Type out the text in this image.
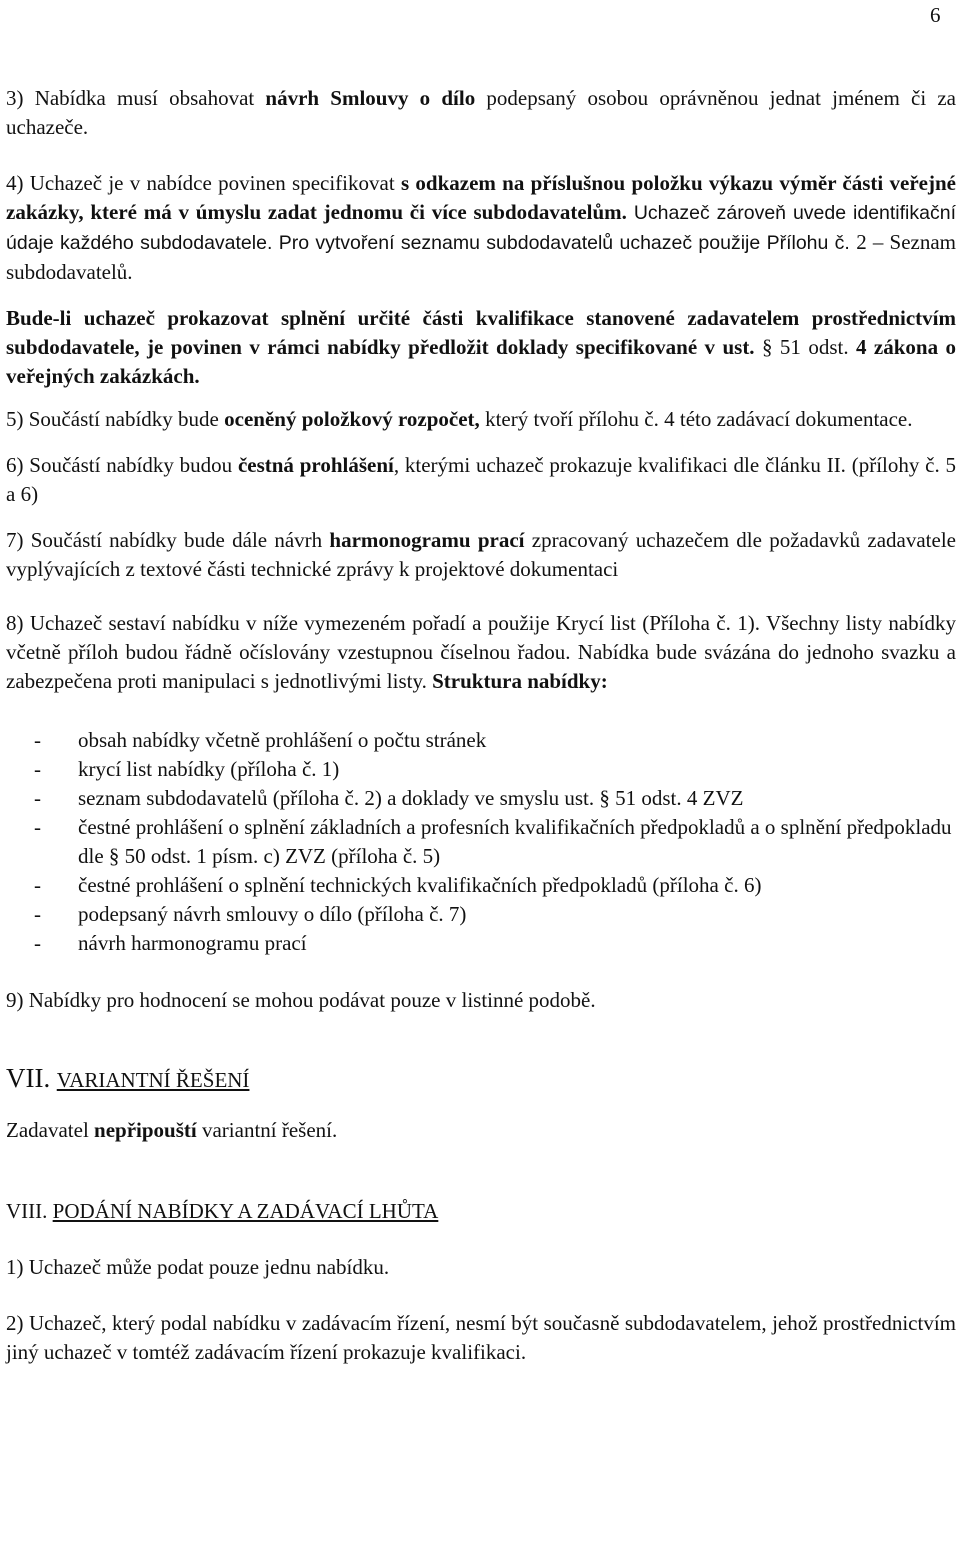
6

3) Nabídka musí obsahovat návrh Smlouvy o dílo podepsaný osobou oprávněnou jednat jménem či za uchazeče.

4) Uchazeč je v nabídce povinen specifikovat s odkazem na příslušnou položku výkazu výměr části veřejné zakázky, které má v úmyslu zadat jednomu či více subdodavatelům. Uchazeč zároveň uvede identifikační údaje každého subdodavatele. Pro vytvoření seznamu subdodavatelů uchazeč použije Přílohu č. 2 – Seznam subdodavatelů.

Bude-li uchazeč prokazovat splnění určité části kvalifikace stanovené zadavatelem prostřednictvím subdodavatele, je povinen v rámci nabídky předložit doklady specifikované v ust. § 51 odst. 4 zákona o veřejných zakázkách.

5) Součástí nabídky bude oceněný položkový rozpočet, který tvoří přílohu č. 4 této zadávací dokumentace.

6) Součástí nabídky budou čestná prohlášení, kterými uchazeč prokazuje kvalifikaci dle článku II. (přílohy č. 5 a 6)

7) Součástí nabídky bude dále návrh harmonogramu prací zpracovaný uchazečem dle požadavků zadavatele vyplývajících z textové části technické zprávy k projektové dokumentaci

8) Uchazeč sestaví nabídku v níže vymezeném pořadí a použije Krycí list (Příloha č. 1). Všechny listy nabídky včetně příloh budou řádně očíslovány vzestupnou číselnou řadou. Nabídka bude svázána do jednoho svazku a zabezpečena proti manipulaci s jednotlivými listy. Struktura nabídky:

- obsah nabídky včetně prohlášení o počtu stránek
- krycí list nabídky (příloha č. 1)
- seznam subdodavatelů (příloha č. 2) a doklady ve smyslu ust. § 51 odst. 4 ZVZ
- čestné prohlášení o splnění základních a profesních kvalifikačních předpokladů a o splnění předpokladu dle § 50 odst. 1 písm. c) ZVZ (příloha č. 5)
- čestné prohlášení o splnění technických kvalifikačních předpokladů (příloha č. 6)
- podepsaný návrh smlouvy o dílo (příloha č. 7)
- návrh harmonogramu prací

9) Nabídky pro hodnocení se mohou podávat pouze v listinné podobě.

VII. VARIANTNÍ ŘEŠENÍ

Zadavatel nepřipouští variantní řešení.

VIII. PODÁNÍ NABÍDKY A ZADÁVACÍ LHŮTA

1) Uchazeč může podat pouze jednu nabídku.

2) Uchazeč, který podal nabídku v zadávacím řízení, nesmí být současně subdodavatelem, jehož prostřednictvím jiný uchazeč v tomtéž zadávacím řízení prokazuje kvalifikaci.
